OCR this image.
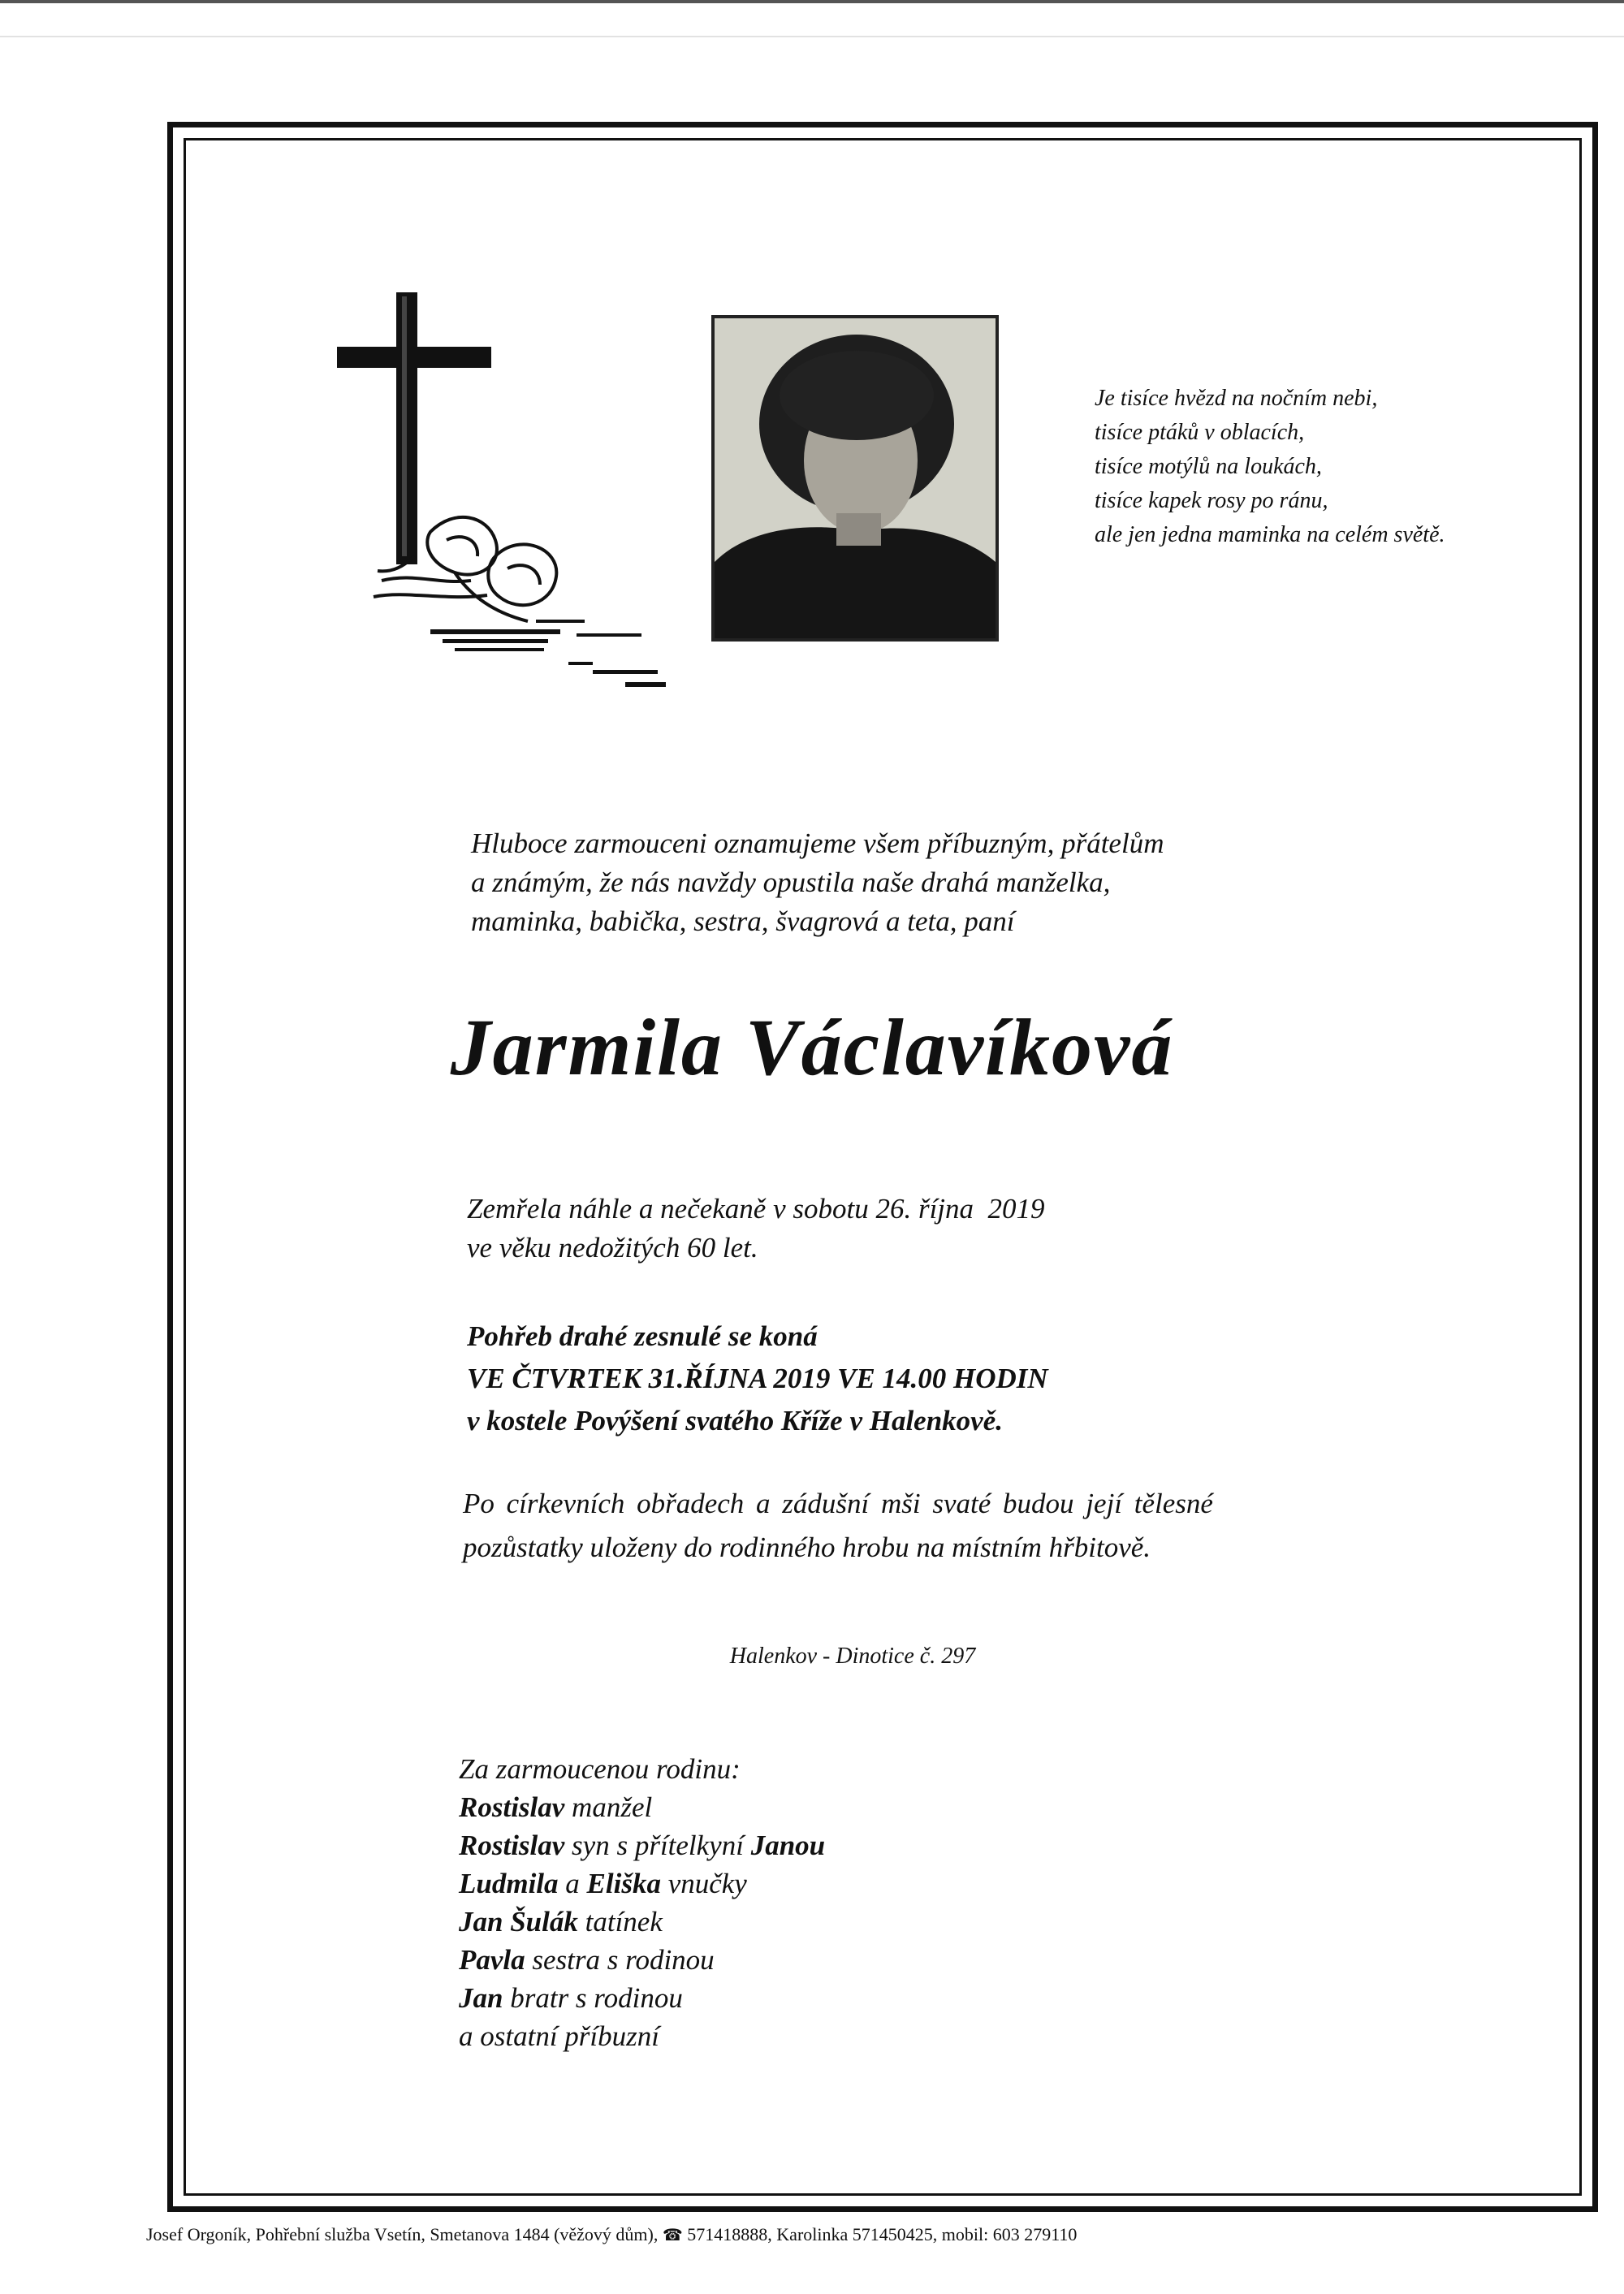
Je tisíce hvězd na nočním nebi,
tisíce ptáků v oblacích,
tisíce motýlů na loukách,
tisíce kapek rosy po ránu,
ale jen jedna maminka na celém světě.
Hluboce zarmouceni oznamujeme všem příbuzným, přátelům
a známým, že nás navždy opustila naše drahá manželka,
maminka, babička, sestra, švagrová a teta, paní
Jarmila Václavíková
Zemřela náhle a nečekaně v sobotu 26. října  2019
ve věku nedožitých 60 let.
Pohřeb drahé zesnulé se koná
VE ČTVRTEK 31.ŘÍJNA 2019 VE 14.00 HODIN
v kostele Povýšení svatého Kříže v Halenkově.
Po církevních obřadech a zádušní mši svaté budou její tělesné
pozůstatky uloženy do rodinného hrobu na místním hřbitově.
Halenkov - Dinotice č. 297
Za zarmoucenou rodinu:
Rostislav manžel
Rostislav syn s přítelkyní Janou
Ludmila a Eliška vnučky
Jan Šulák tatínek
Pavla sestra s rodinou
Jan bratr s rodinou
a ostatní příbuzní
Josef Orgoník, Pohřební služba Vsetín, Smetanova 1484 (věžový dům), ☎ 571418888, Karolinka 571450425, mobil: 603 279110
